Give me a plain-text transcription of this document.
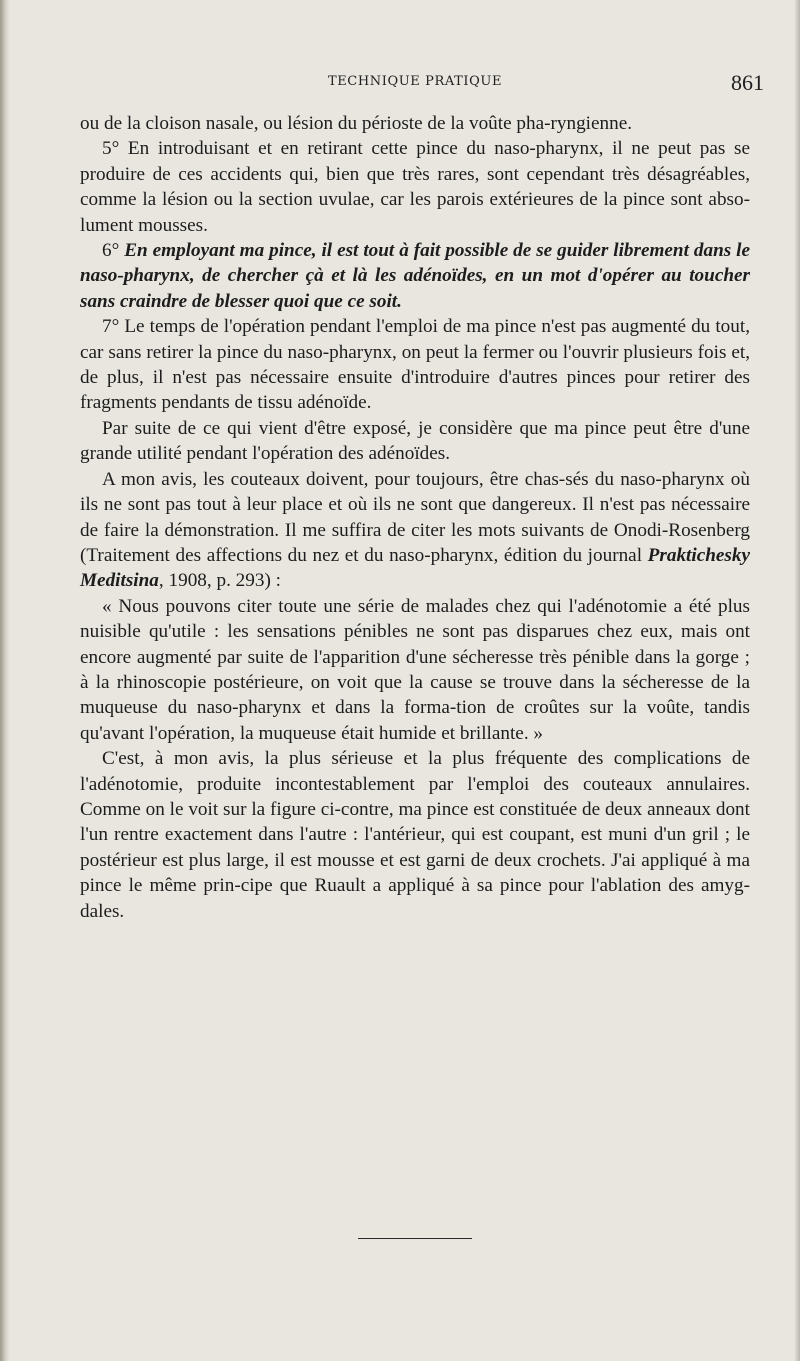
TECHNIQUE PRATIQUE	861

ou de la cloison nasale, ou lésion du périoste de la voûte pha-ryngienne.

5° En introduisant et en retirant cette pince du naso-pharynx, il ne peut pas se produire de ces accidents qui, bien que très rares, sont cependant très désagréables, comme la lésion ou la section uvulae, car les parois extérieures de la pince sont abso-lument mousses.

6° En employant ma pince, il est tout à fait possible de se guider librement dans le naso-pharynx, de chercher çà et là les adénoïdes, en un mot d'opérer au toucher sans craindre de blesser quoi que ce soit.

7° Le temps de l'opération pendant l'emploi de ma pince n'est pas augmenté du tout, car sans retirer la pince du naso-pharynx, on peut la fermer ou l'ouvrir plusieurs fois et, de plus, il n'est pas nécessaire ensuite d'introduire d'autres pinces pour retirer des fragments pendants de tissu adénoïde.

Par suite de ce qui vient d'être exposé, je considère que ma pince peut être d'une grande utilité pendant l'opération des adénoïdes.

A mon avis, les couteaux doivent, pour toujours, être chas-sés du naso-pharynx où ils ne sont pas tout à leur place et où ils ne sont que dangereux. Il n'est pas nécessaire de faire la démonstration. Il me suffira de citer les mots suivants de Onodi-Rosenberg (Traitement des affections du nez et du naso-pharynx, édition du journal Praktichesky Meditsina, 1908, p. 293) :

« Nous pouvons citer toute une série de malades chez qui l'adénotomie a été plus nuisible qu'utile : les sensations pénibles ne sont pas disparues chez eux, mais ont encore augmenté par suite de l'apparition d'une sécheresse très pénible dans la gorge ; à la rhinoscopie postérieure, on voit que la cause se trouve dans la sécheresse de la muqueuse du naso-pharynx et dans la forma-tion de croûtes sur la voûte, tandis qu'avant l'opération, la muqueuse était humide et brillante. »

C'est, à mon avis, la plus sérieuse et la plus fréquente des complications de l'adénotomie, produite incontestablement par l'emploi des couteaux annulaires. Comme on le voit sur la figure ci-contre, ma pince est constituée de deux anneaux dont l'un rentre exactement dans l'autre : l'antérieur, qui est coupant, est muni d'un gril ; le postérieur est plus large, il est mousse et est garni de deux crochets. J'ai appliqué à ma pince le même prin-cipe que Ruault a appliqué à sa pince pour l'ablation des amyg-dales.
